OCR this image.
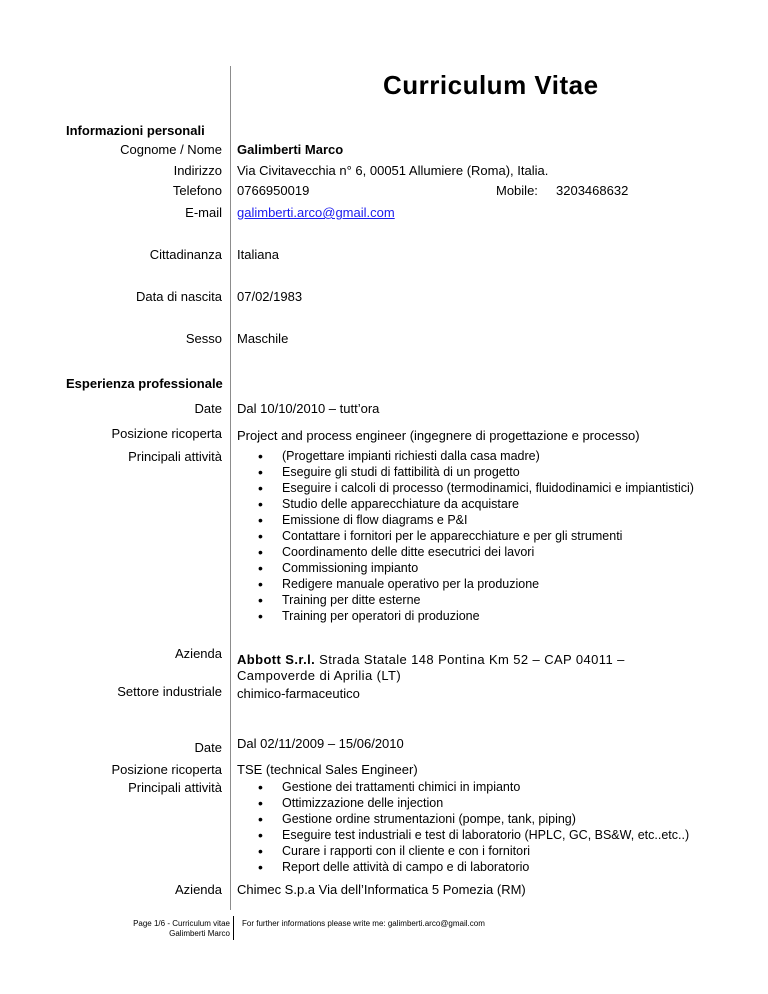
Curriculum Vitae
Informazioni personali
Cognome / Nome Galimberti Marco
Indirizzo Via Civitavecchia n° 6, 00051 Allumiere (Roma), Italia.
Telefono 0766950019	Mobile: 3203468632
E-mail galimberti.arco@gmail.com
Cittadinanza Italiana
Data di nascita 07/02/1983
Sesso Maschile
Esperienza professionale
Date Dal 10/10/2010 – tutt’ora
Posizione ricoperta Project and process engineer (ingegnere di progettazione e processo)
Principali attività	• (Progettare impianti richiesti dalla casa madre)
• Eseguire gli studi di fattibilità di un progetto
• Eseguire i calcoli di processo (termodinamici, fluidodinamici e impiantistici)
• Studio delle apparecchiature da acquistare
• Emissione di flow diagrams e P&I
• Contattare i fornitori per le apparecchiature e per gli strumenti
• Coordinamento delle ditte esecutrici dei lavori
• Commissioning impianto
• Redigere manuale operativo per la produzione
• Training per ditte esterne
• Training per operatori di produzione
Azienda Abbott S.r.l. Strada Statale 148 Pontina Km 52 – CAP 04011 –
Campoverde di Aprilia (LT)
Settore industriale chimico-farmaceutico
Date Dal 02/11/2009 – 15/06/2010
Posizione ricoperta TSE (technical Sales Engineer)
Principali attività	• Gestione dei trattamenti chimici in impianto
• Ottimizzazione delle injection
• Gestione ordine strumentazioni (pompe, tank, piping)
• Eseguire test industriali e test di laboratorio (HPLC, GC, BS&W, etc..etc..)
• Curare i rapporti con il cliente e con i fornitori
• Report delle attività di campo e di laboratorio
Azienda Chimec S.p.a Via dell’Informatica 5 Pomezia (RM)
Page 1/6 - Curriculum vitae
Galimberti Marco
For further informations please write me: galimberti.arco@gmail.com
